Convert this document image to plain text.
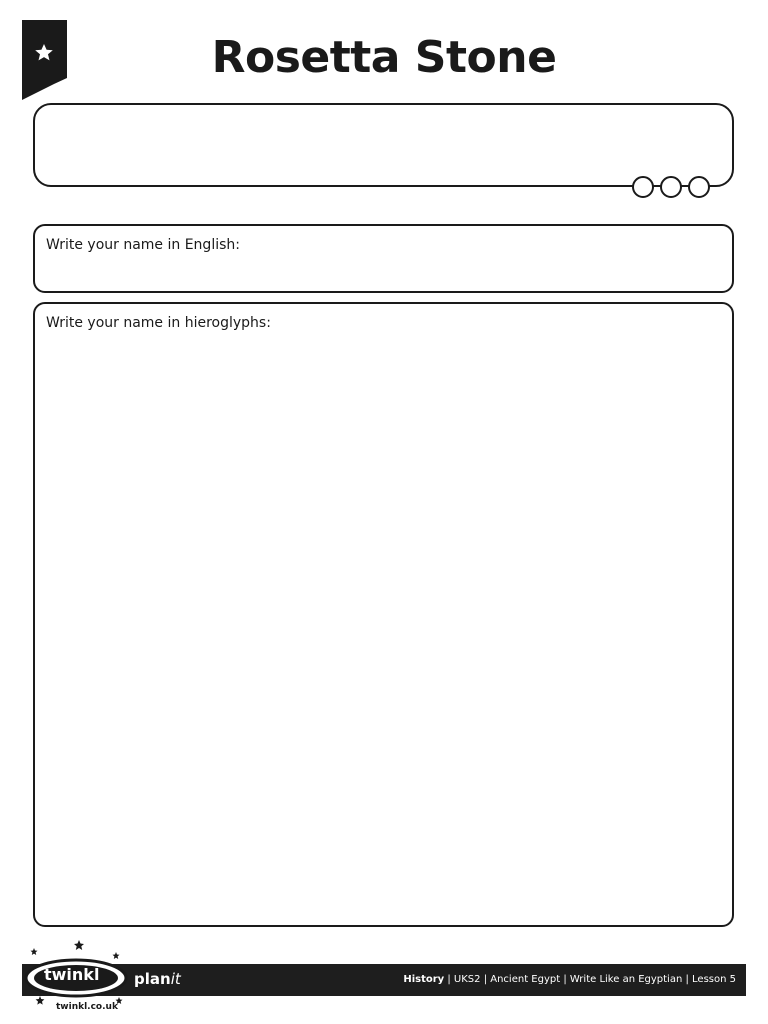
Rosetta Stone
Write your name in English:
Write your name in hieroglyphs:
twinkl
twinkl.co.uk
planit	History | UKS2 | Ancient Egypt | Write Like an Egyptian | Lesson 5
